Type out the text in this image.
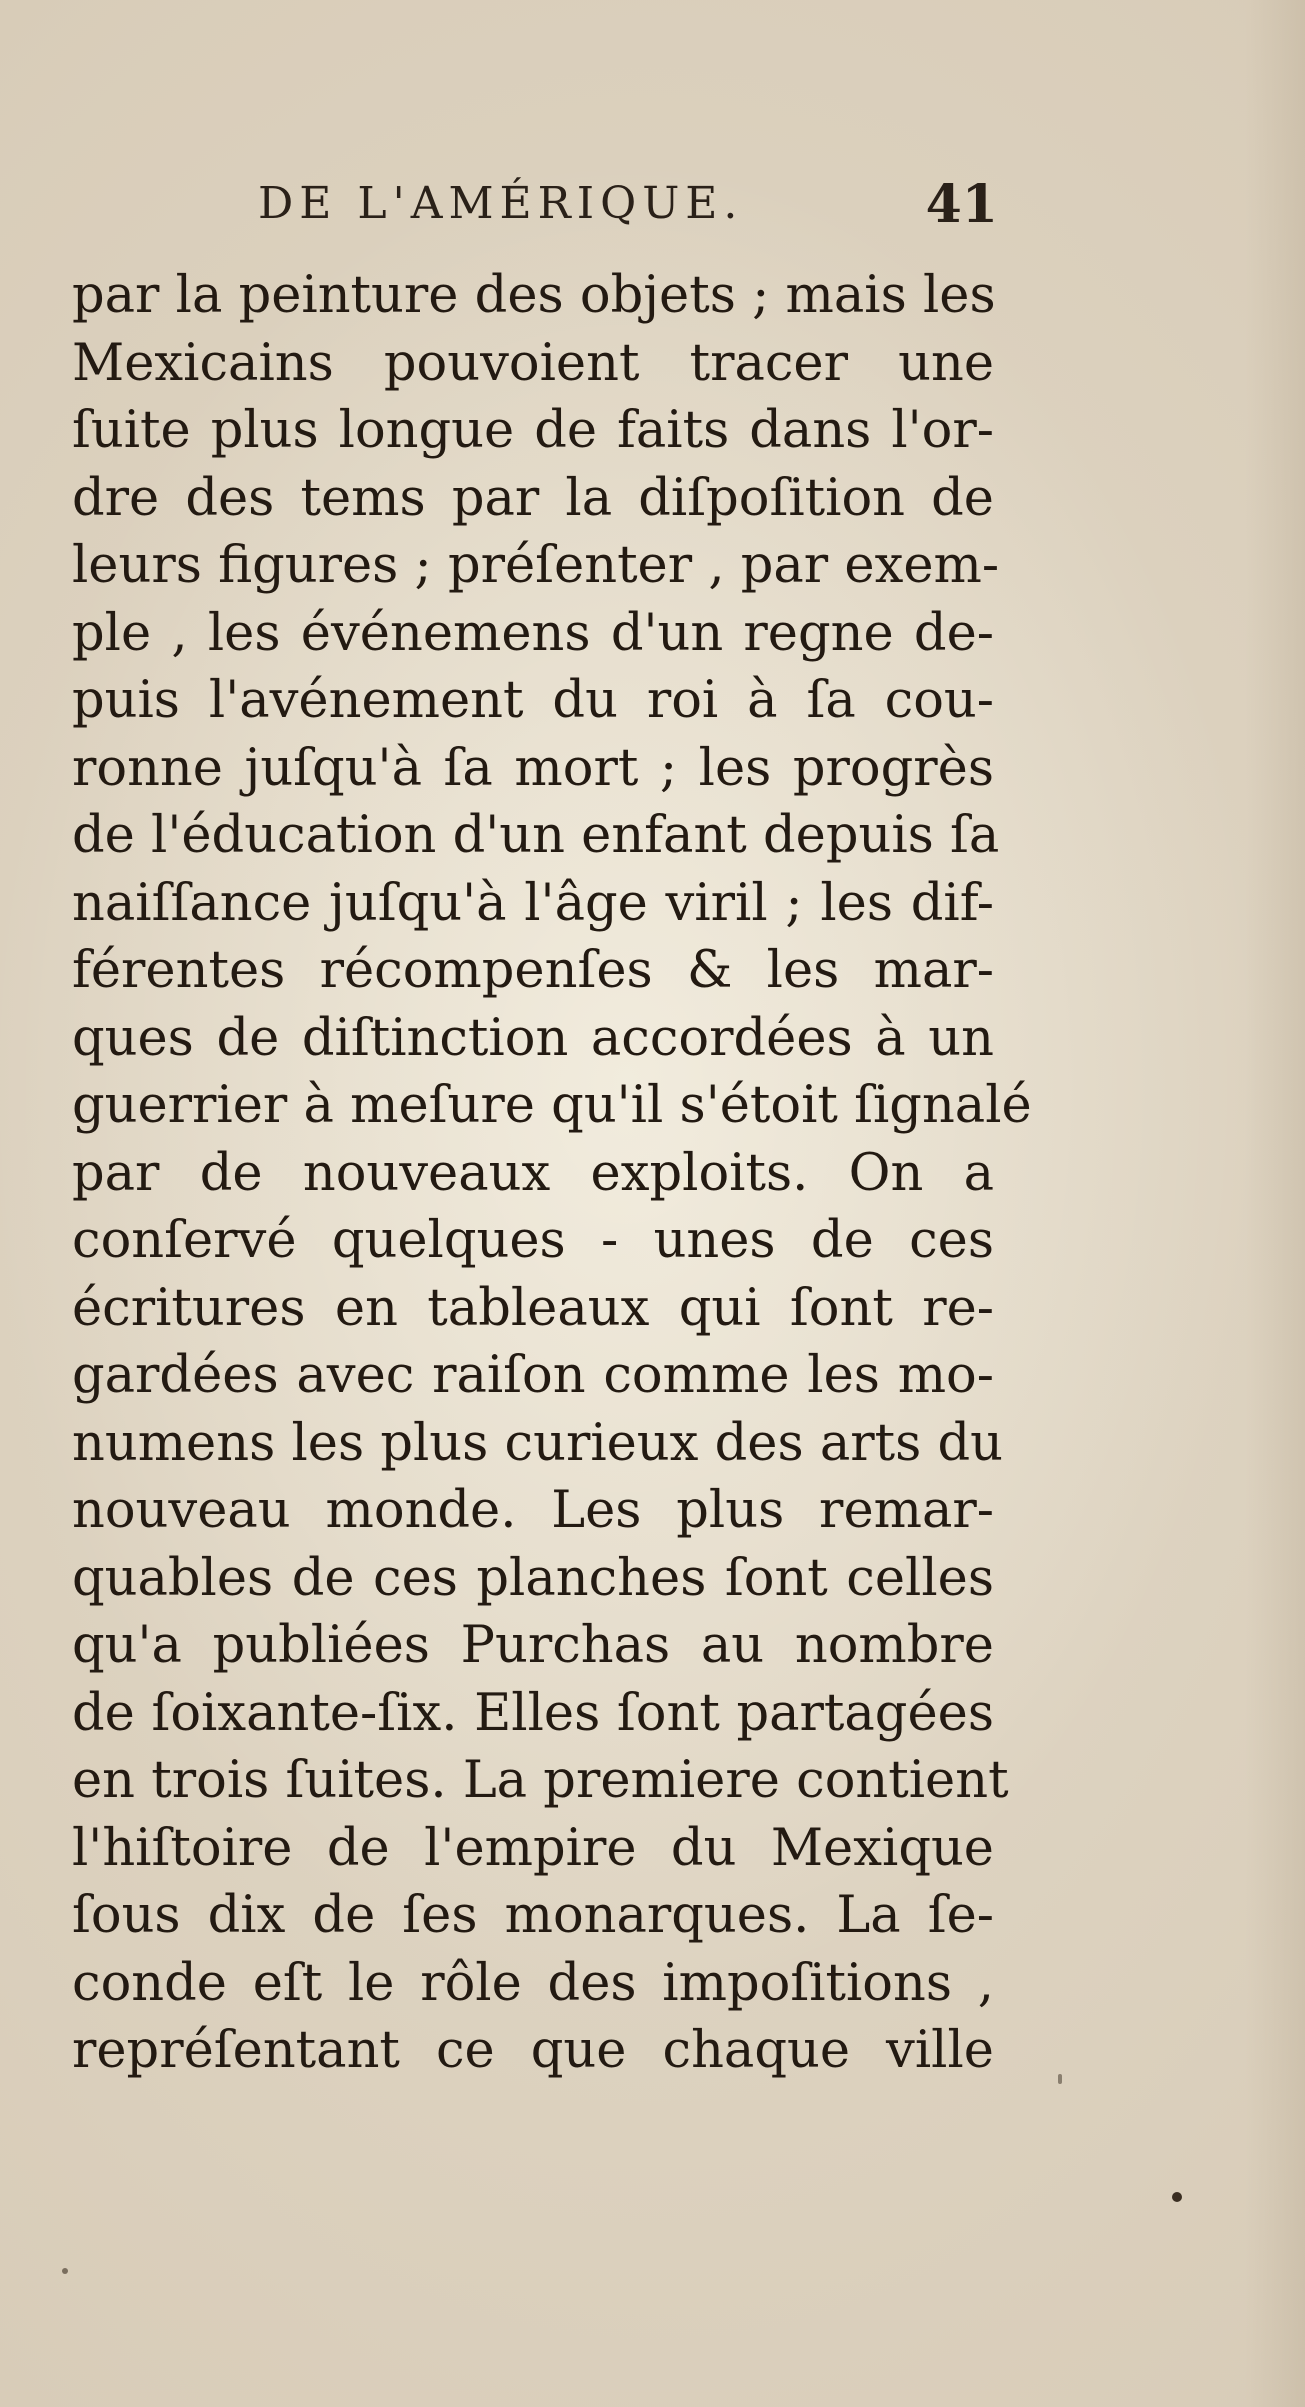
DE L'AMÉRIQUE.	41
par la peinture des objets ; mais les
Mexicains pouvoient tracer une
ſuite plus longue de faits dans l'or-
dre des tems par la diſpoſition de
leurs figures ; préſenter , par exem-
ple , les événemens d'un regne de-
puis l'avénement du roi à ſa cou-
ronne juſqu'à ſa mort ; les progrès
de l'éducation d'un enfant depuis ſa
naiſſance juſqu'à l'âge viril ; les dif-
férentes récompenſes & les mar-
ques de diſtinction accordées à un
guerrier à meſure qu'il s'étoit ſignalé
par de nouveaux exploits. On a
conſervé quelques - unes de ces
écritures en tableaux qui ſont re-
gardées avec raiſon comme les mo-
numens les plus curieux des arts du
nouveau monde. Les plus remar-
quables de ces planches ſont celles
qu'a publiées Purchas au nombre
de ſoixante-ſix. Elles ſont partagées
en trois ſuites. La premiere contient
l'hiſtoire de l'empire du Mexique
ſous dix de ſes monarques. La ſe-
conde eſt le rôle des impoſitions ,
repréſentant ce que chaque ville
